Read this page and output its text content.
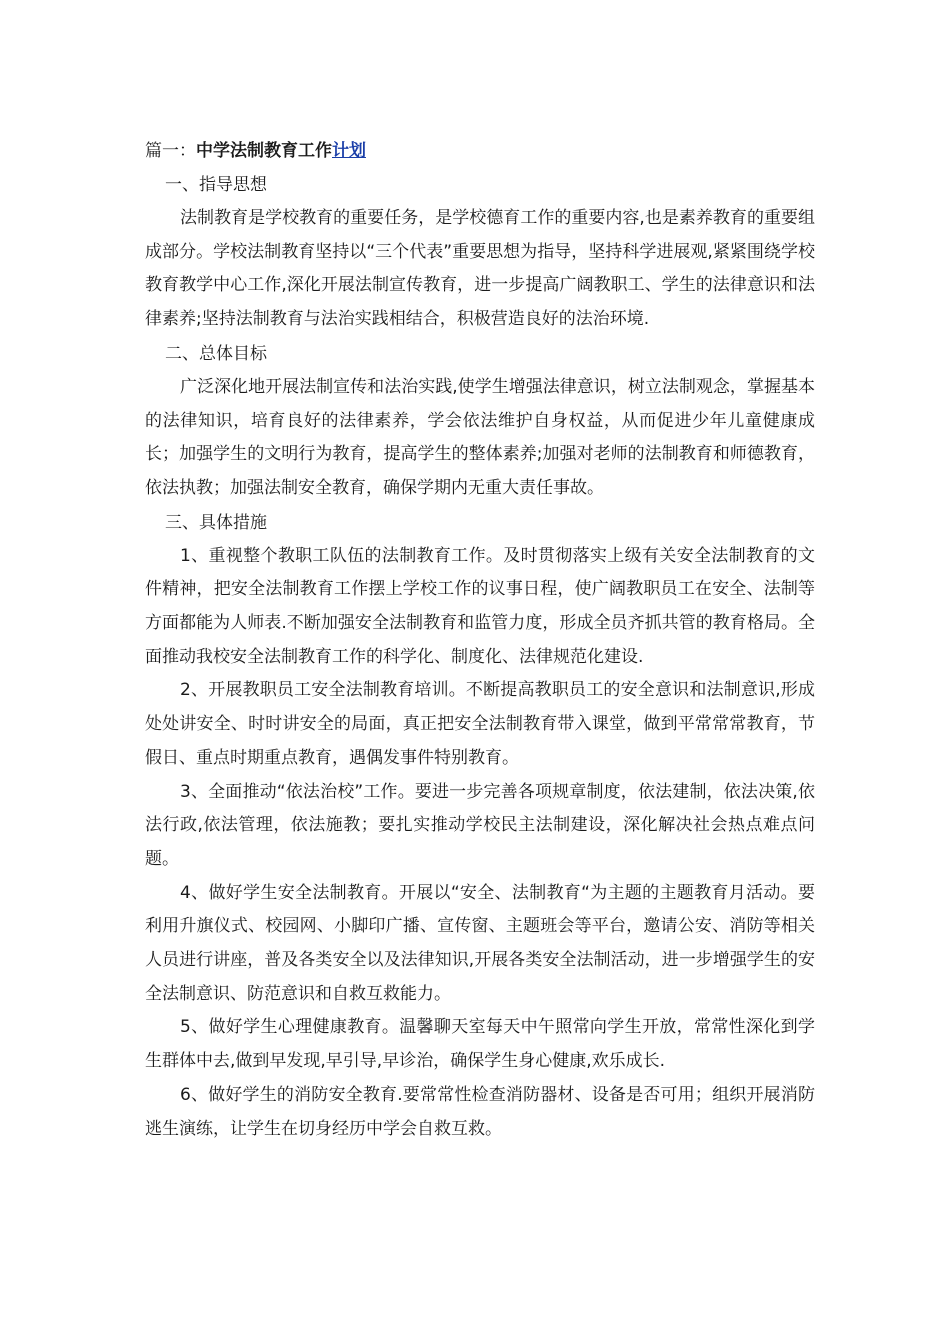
篇一：中学法制教育工作计划
一、指导思想

法制教育是学校教育的重要任务，是学校德育工作的重要内容,也是素养教育的重要组成部分。学校法制教育坚持以“三个代表”重要思想为指导，坚持科学进展观,紧紧围绕学校教育教学中心工作,深化开展法制宣传教育，进一步提高广阔教职工、学生的法律意识和法律素养;坚持法制教育与法治实践相结合，积极营造良好的法治环境.

二、总体目标

广泛深化地开展法制宣传和法治实践,使学生增强法律意识，树立法制观念，掌握基本的法律知识，培育良好的法律素养，学会依法维护自身权益，从而促进少年儿童健康成长；加强学生的文明行为教育，提高学生的整体素养;加强对老师的法制教育和师德教育，依法执教；加强法制安全教育，确保学期内无重大责任事故。

三、具体措施

1、重视整个教职工队伍的法制教育工作。及时贯彻落实上级有关安全法制教育的文件精神，把安全法制教育工作摆上学校工作的议事日程，使广阔教职员工在安全、法制等方面都能为人师表.不断加强安全法制教育和监管力度，形成全员齐抓共管的教育格局。全面推动我校安全法制教育工作的科学化、制度化、法律规范化建设.

2、开展教职员工安全法制教育培训。不断提高教职员工的安全意识和法制意识,形成处处讲安全、时时讲安全的局面，真正把安全法制教育带入课堂，做到平常常常教育，节假日、重点时期重点教育，遇偶发事件特别教育。

3、全面推动“依法治校”工作。要进一步完善各项规章制度，依法建制，依法决策,依法行政,依法管理，依法施教；要扎实推动学校民主法制建设，深化解决社会热点难点问题。

4、做好学生安全法制教育。开展以“安全、法制教育“为主题的主题教育月活动。要利用升旗仪式、校园网、小脚印广播、宣传窗、主题班会等平台，邀请公安、消防等相关人员进行讲座，普及各类安全以及法律知识,开展各类安全法制活动，进一步增强学生的安全法制意识、防范意识和自救互救能力。

5、做好学生心理健康教育。温馨聊天室每天中午照常向学生开放，常常性深化到学生群体中去,做到早发现,早引导,早诊治，确保学生身心健康,欢乐成长.

6、做好学生的消防安全教育.要常常性检查消防器材、设备是否可用；组织开展消防逃生演练，让学生在切身经历中学会自救互救。
